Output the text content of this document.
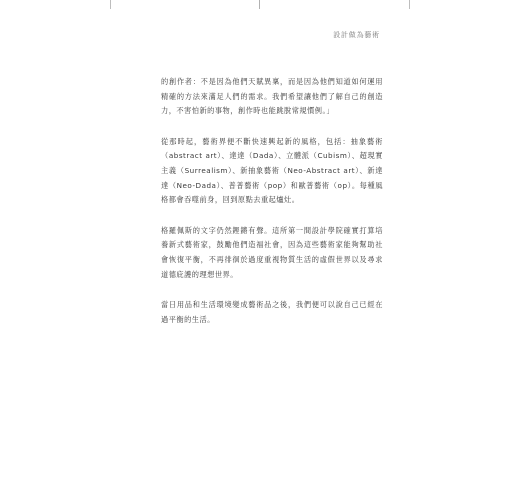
設計做為藝術

的創作者：不是因為他們天賦異稟，而是因為他們知道如何運用精確的方法來滿足人們的需求。我們希望讓他們了解自己的創造力，不害怕新的事物，創作時也能跳脫常規慣例。」

從那時起，藝術界便不斷快速興起新的風格，包括：抽象藝術（abstract art）、達達（Dada）、立體派（Cubism）、超現實主義（Surrealism）、新抽象藝術（Neo-Abstract art）、新達達（Neo-Dada）、普普藝術（pop）和歐普藝術（op）。每種風格都會吞噬前身，回到原點去重起爐灶。

格羅佩斯的文字仍然鏗鏘有聲。這所第一間設計學院確實打算培養新式藝術家，鼓勵他們造福社會，因為這些藝術家能夠幫助社會恢復平衡，不再徘徊於過度重視物質生活的虛假世界以及尋求道德庇護的理想世界。

當日用品和生活環境變成藝術品之後，我們便可以說自己已經在過平衡的生活。
